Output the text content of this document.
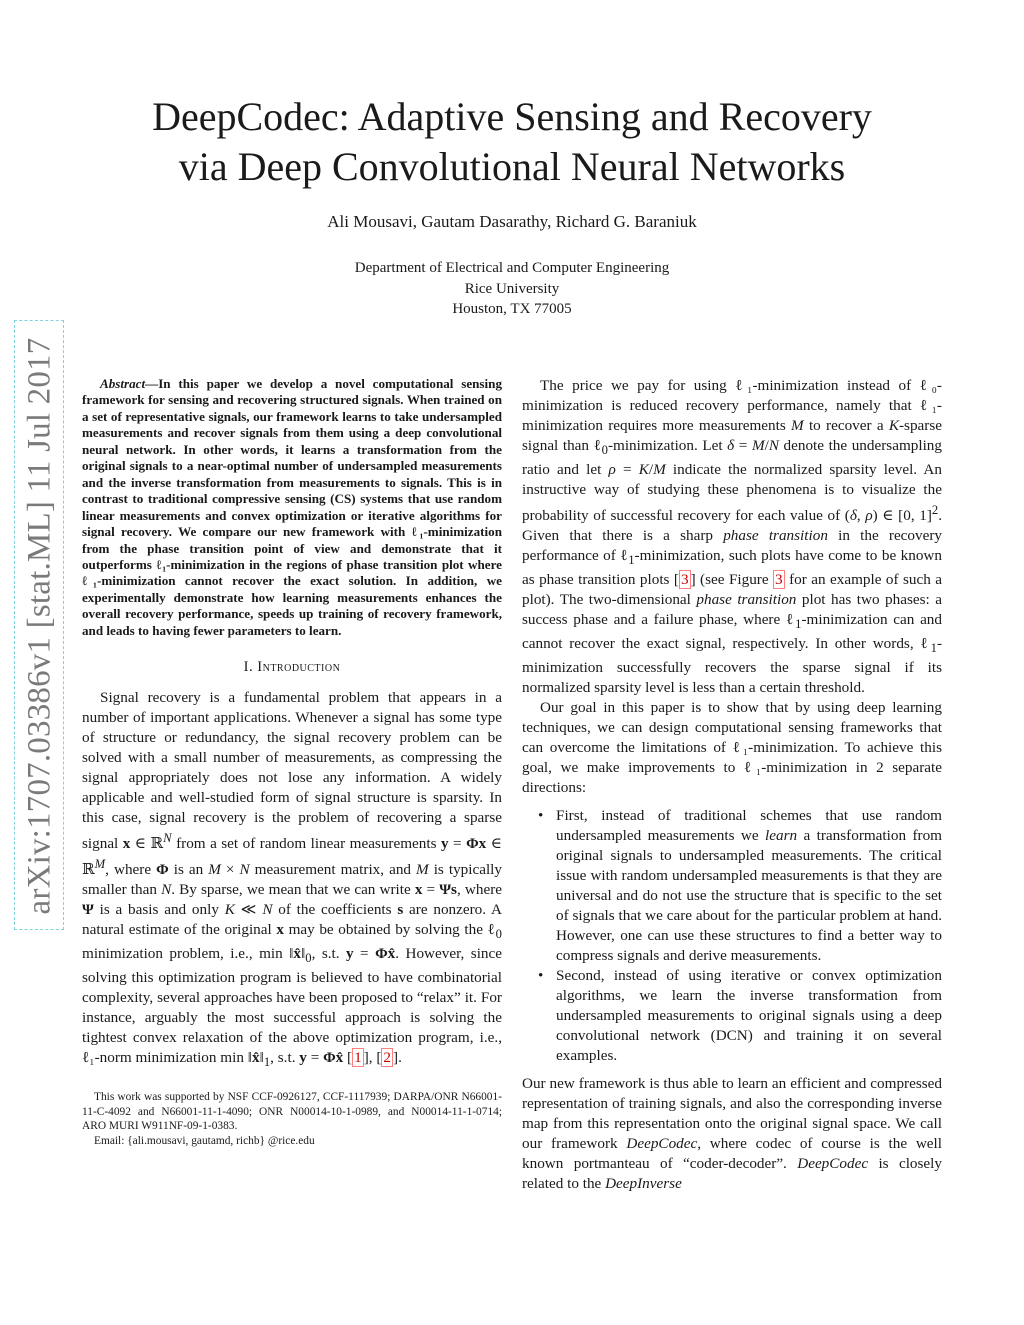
DeepCodec: Adaptive Sensing and Recovery
via Deep Convolutional Neural Networks
Ali Mousavi, Gautam Dasarathy, Richard G. Baraniuk
Department of Electrical and Computer Engineering
Rice University
Houston, TX 77005
arXiv:1707.03386v1 [stat.ML] 11 Jul 2017	Abstract—In this paper we develop a novel computational sensing framework for sensing and recovering structured signals. When trained on a set of representative signals, our framework learns to take undersampled measurements and recover signals from them using a deep convolutional neural network. In other words, it learns a transformation from the original signals to a near-optimal number of undersampled measurements and the inverse transformation from measurements to signals. This is in contrast to traditional compressive sensing (CS) systems that use random linear measurements and convex optimization or iterative algorithms for signal recovery. We compare our new framework with ℓ₁-minimization from the phase transition point of view and demonstrate that it outperforms ℓ₁-minimization in the regions of phase transition plot where ℓ₁-minimization cannot recover the exact solution. In addition, we experimentally demonstrate how learning measurements enhances the overall recovery performance, speeds up training of recovery framework, and leads to having fewer parameters to learn.

I. Introduction

Signal recovery is a fundamental problem that appears in a number of important applications. Whenever a signal has some type of structure or redundancy, the signal recovery problem can be solved with a small number of measurements, as compressing the signal appropriately does not lose any information. A widely applicable and well-studied form of signal structure is sparsity. In this case, signal recovery is the problem of recovering a sparse signal x ∈ ℝ$^N$ from a set of random linear measurements y = Φx ∈ ℝ$^M$, where Φ is an M × N measurement matrix, and M is typically smaller than N. By sparse, we mean that we can write x = Ψs, where Ψ is a basis and only K ≪ N of the coefficients s are nonzero. A natural estimate of the original x may be obtained by solving the ℓ$_0$ minimization problem, i.e., $\min ‖x̂‖_0$, s.t. y = Φx̂. However, since solving this optimization program is believed to have combinatorial complexity, several approaches have been proposed to “relax” it. For instance, arguably the most successful approach is solving the tightest convex relaxation of the above optimization program, i.e., ℓ₁-norm minimization $\min ‖x̂‖_1$, s.t. y = Φx̂ [ 1 ], [ 2 ].

This work was supported by NSF CCF-0926127, CCF-1117939; DARPA/ONR N66001-11-C-4092 and N66001-11-1-4090; ONR N00014-10-1-0989, and N00014-11-1-0714; ARO MURI W911NF-09-1-0383.

Email: {ali.mousavi, gautamd, richb} @rice.edu

The price we pay for using ℓ₁-minimization instead of ℓ₀-minimization is reduced recovery performance, namely that ℓ₁-minimization requires more measurements M to recover a K-sparse signal than ℓ$_0$-minimization. Let δ = M/N denote the undersampling ratio and let ρ = K/M indicate the normalized sparsity level. An instructive way of studying these phenomena is to visualize the probability of successful recovery for each value of (δ, ρ) ∈ [0, 1]$^2$. Given that there is a sharp phase transition in the recovery performance of ℓ$_1$-minimization, such plots have come to be known as phase transition plots [ 3 ] (see Figure 3 for an example of such a plot). The two-dimensional phase transition plot has two phases: a success phase and a failure phase, where ℓ$_1$-minimization can and cannot recover the exact signal, respectively. In other words, ℓ$_1$-minimization successfully recovers the sparse signal if its normalized sparsity level is less than a certain threshold.

Our goal in this paper is to show that by using deep learning techniques, we can design computational sensing frameworks that can overcome the limitations of ℓ₁-minimization. To achieve this goal, we make improvements to ℓ₁-minimization in 2 separate directions:

• First, instead of traditional schemes that use random undersampled measurements we learn a transformation from original signals to undersampled measurements. The critical issue with random undersampled measurements is that they are universal and do not use the structure that is specific to the set of signals that we care about for the particular problem at hand. However, one can use these structures to find a better way to compress signals and derive measurements.
• Second, instead of using iterative or convex optimization algorithms, we learn the inverse transformation from undersampled measurements to original signals using a deep convolutional network (DCN) and training it on several examples.

Our new framework is thus able to learn an efficient and compressed representation of training signals, and also the corresponding inverse map from this representation onto the original signal space. We call our framework DeepCodec, where codec of course is the well known portmanteau of “coder-decoder”. DeepCodec is closely related to the DeepInverse
